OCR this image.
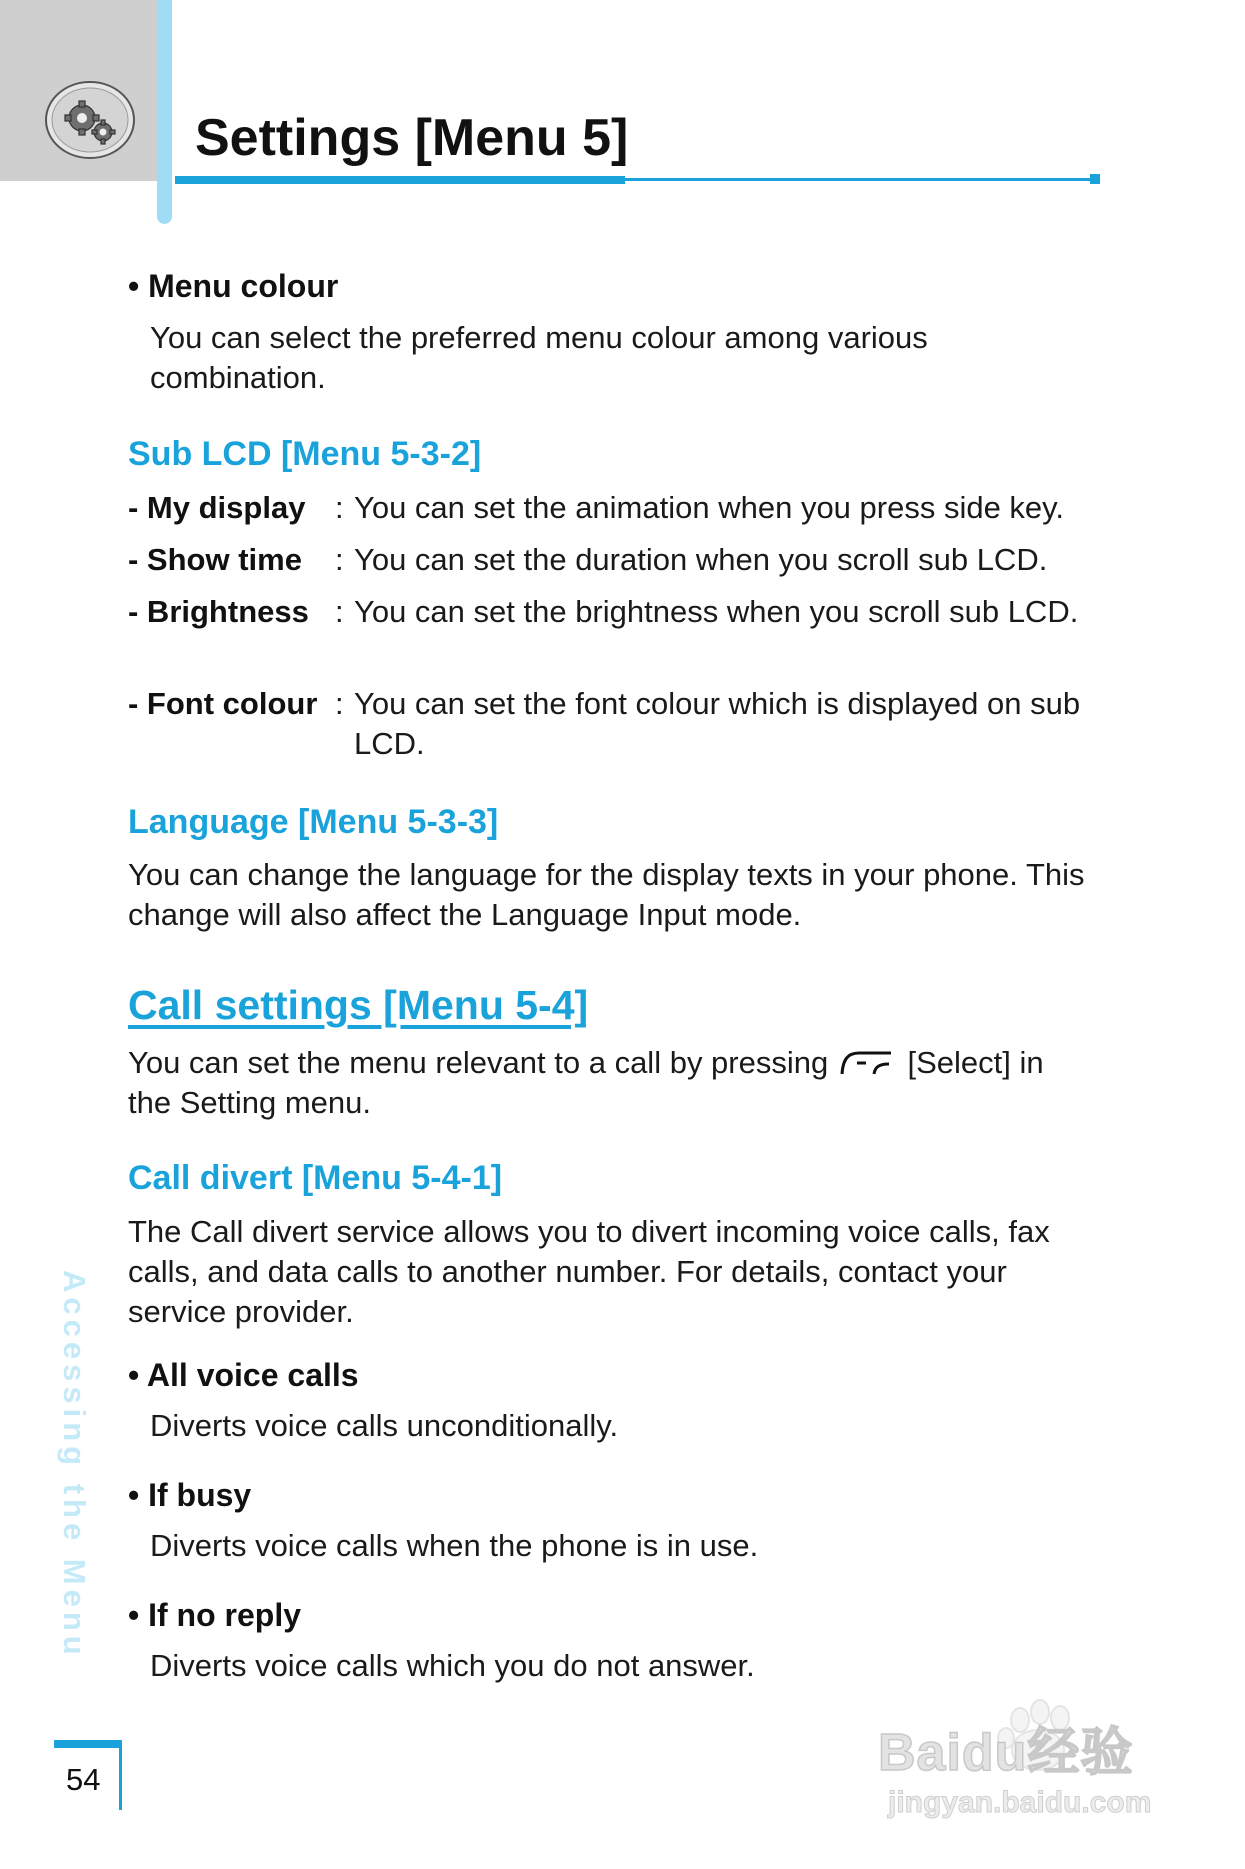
Settings [Menu 5]

• Menu colour

You can select the preferred menu colour among various combination.

Sub LCD [Menu 5-3-2]
- My display : You can set the animation when you press side key.
- Show time : You can set the duration when you scroll sub LCD.
- Brightness : You can set the brightness when you scroll sub LCD.
- Font colour : You can set the font colour which is displayed on sub LCD.
Language [Menu 5-3-3]

You can change the language for the display texts in your phone. This change will also affect the Language Input mode.

Call settings [Menu 5-4]

You can set the menu relevant to a call by pressing	[Select] in the Setting menu.

Call divert [Menu 5-4-1]

The Call divert service allows you to divert incoming voice calls, fax calls, and data calls to another number. For details, contact your service provider.

• All voice calls

Diverts voice calls unconditionally.

• If busy

Diverts voice calls when the phone is in use.

• If no reply

Diverts voice calls which you do not answer.

Accessing the Menu
54	Baidu经验
jingyan.baidu.com
